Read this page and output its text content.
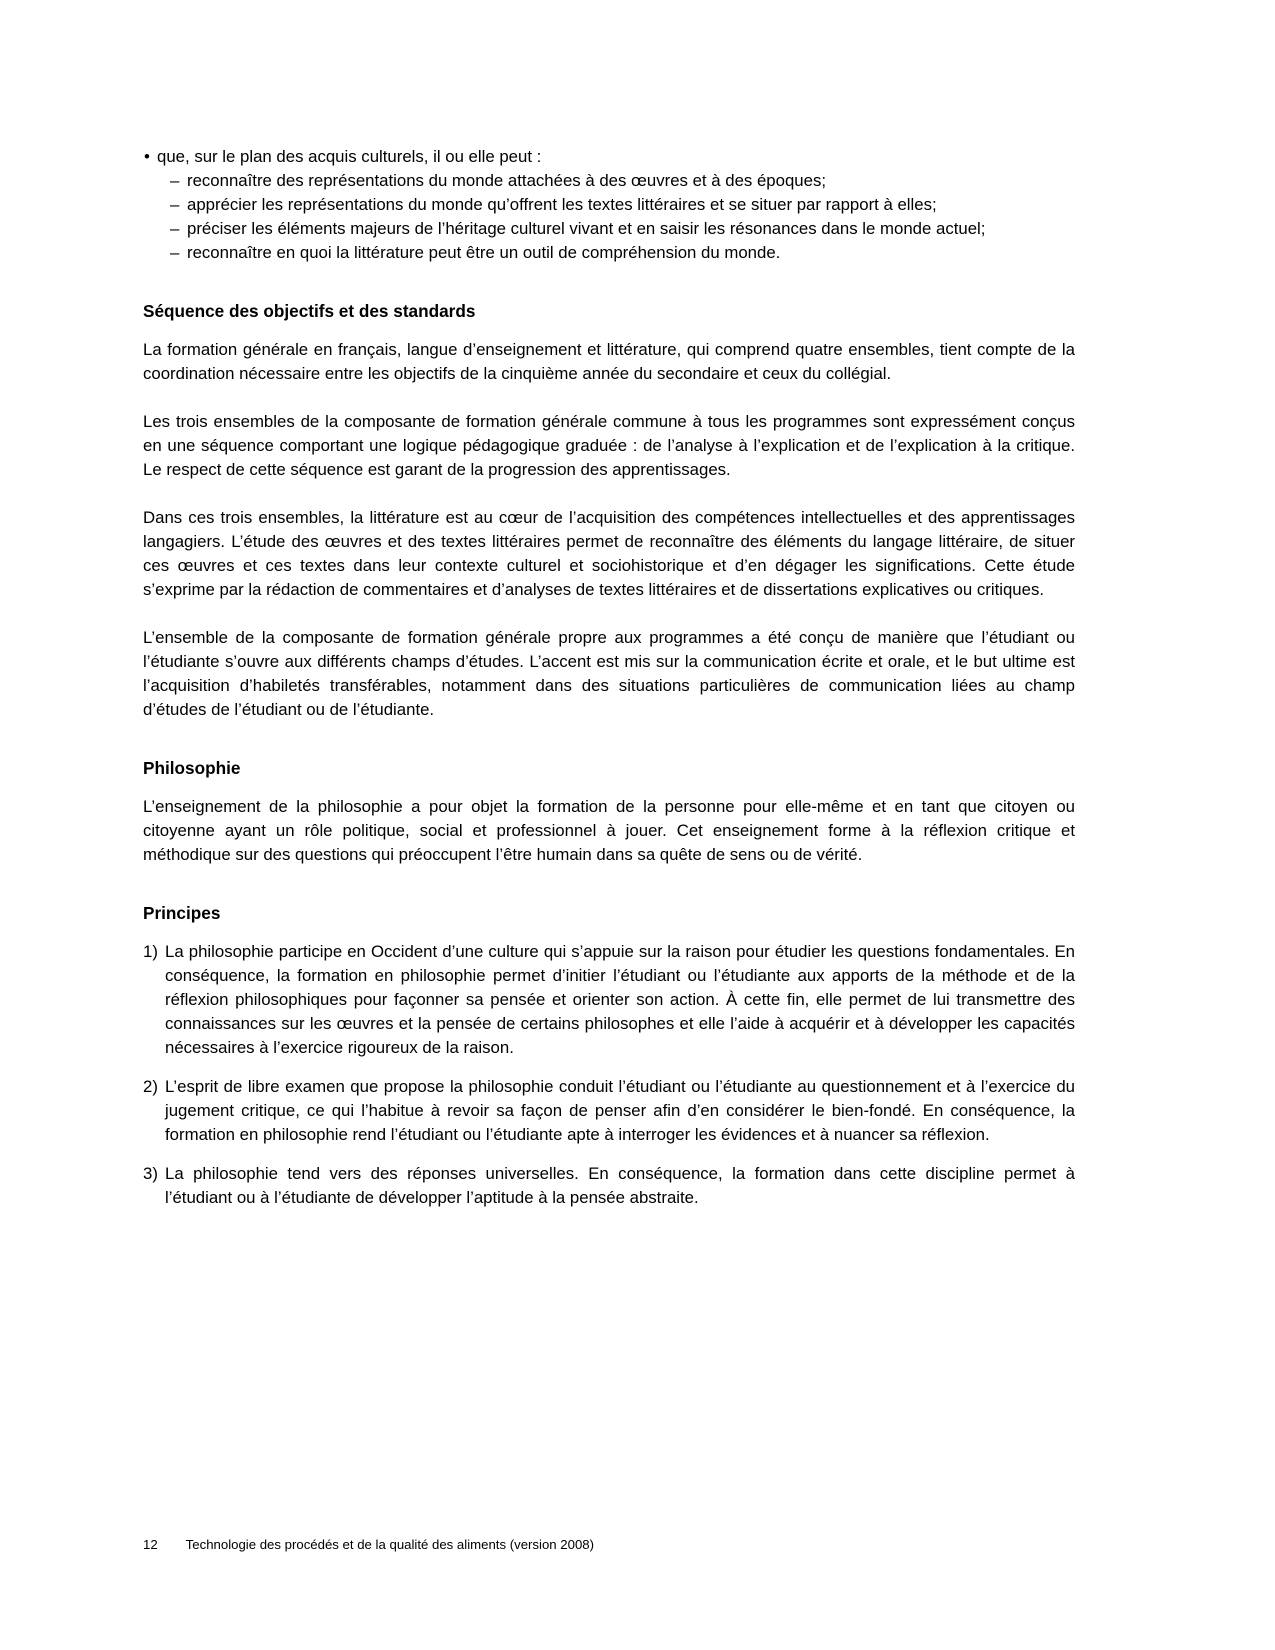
• que, sur le plan des acquis culturels, il ou elle peut :
– reconnaître des représentations du monde attachées à des œuvres et à des époques;
– apprécier les représentations du monde qu’offrent les textes littéraires et se situer par rapport à elles;
– préciser les éléments majeurs de l’héritage culturel vivant et en saisir les résonances dans le monde actuel;
– reconnaître en quoi la littérature peut être un outil de compréhension du monde.
Séquence des objectifs et des standards
La formation générale en français, langue d’enseignement et littérature, qui comprend quatre ensembles, tient compte de la coordination nécessaire entre les objectifs de la cinquième année du secondaire et ceux du collégial.
Les trois ensembles de la composante de formation générale commune à tous les programmes sont expressément conçus en une séquence comportant une logique pédagogique graduée : de l’analyse à l’explication et de l’explication à la critique. Le respect de cette séquence est garant de la progression des apprentissages.
Dans ces trois ensembles, la littérature est au cœur de l’acquisition des compétences intellectuelles et des apprentissages langagiers. L’étude des œuvres et des textes littéraires permet de reconnaître des éléments du langage littéraire, de situer ces œuvres et ces textes dans leur contexte culturel et sociohistorique et d’en dégager les significations. Cette étude s’exprime par la rédaction de commentaires et d’analyses de textes littéraires et de dissertations explicatives ou critiques.
L’ensemble de la composante de formation générale propre aux programmes a été conçu de manière que l’étudiant ou l’étudiante s’ouvre aux différents champs d’études. L’accent est mis sur la communication écrite et orale, et le but ultime est l’acquisition d’habiletés transférables, notamment dans des situations particulières de communication liées au champ d’études de l’étudiant ou de l’étudiante.
Philosophie
L’enseignement de la philosophie a pour objet la formation de la personne pour elle-même et en tant que citoyen ou citoyenne ayant un rôle politique, social et professionnel à jouer. Cet enseignement forme à la réflexion critique et méthodique sur des questions qui préoccupent l’être humain dans sa quête de sens ou de vérité.
Principes
1) La philosophie participe en Occident d’une culture qui s’appuie sur la raison pour étudier les questions fondamentales. En conséquence, la formation en philosophie permet d’initier l’étudiant ou l’étudiante aux apports de la méthode et de la réflexion philosophiques pour façonner sa pensée et orienter son action. À cette fin, elle permet de lui transmettre des connaissances sur les œuvres et la pensée de certains philosophes et elle l’aide à acquérir et à développer les capacités nécessaires à l’exercice rigoureux de la raison.
2) L’esprit de libre examen que propose la philosophie conduit l’étudiant ou l’étudiante au questionnement et à l’exercice du jugement critique, ce qui l’habitue à revoir sa façon de penser afin d’en considérer le bien-fondé. En conséquence, la formation en philosophie rend l’étudiant ou l’étudiante apte à interroger les évidences et à nuancer sa réflexion.
3) La philosophie tend vers des réponses universelles. En conséquence, la formation dans cette discipline permet à l’étudiant ou à l’étudiante de développer l’aptitude à la pensée abstraite.
12 Technologie des procédés et de la qualité des aliments (version 2008)
